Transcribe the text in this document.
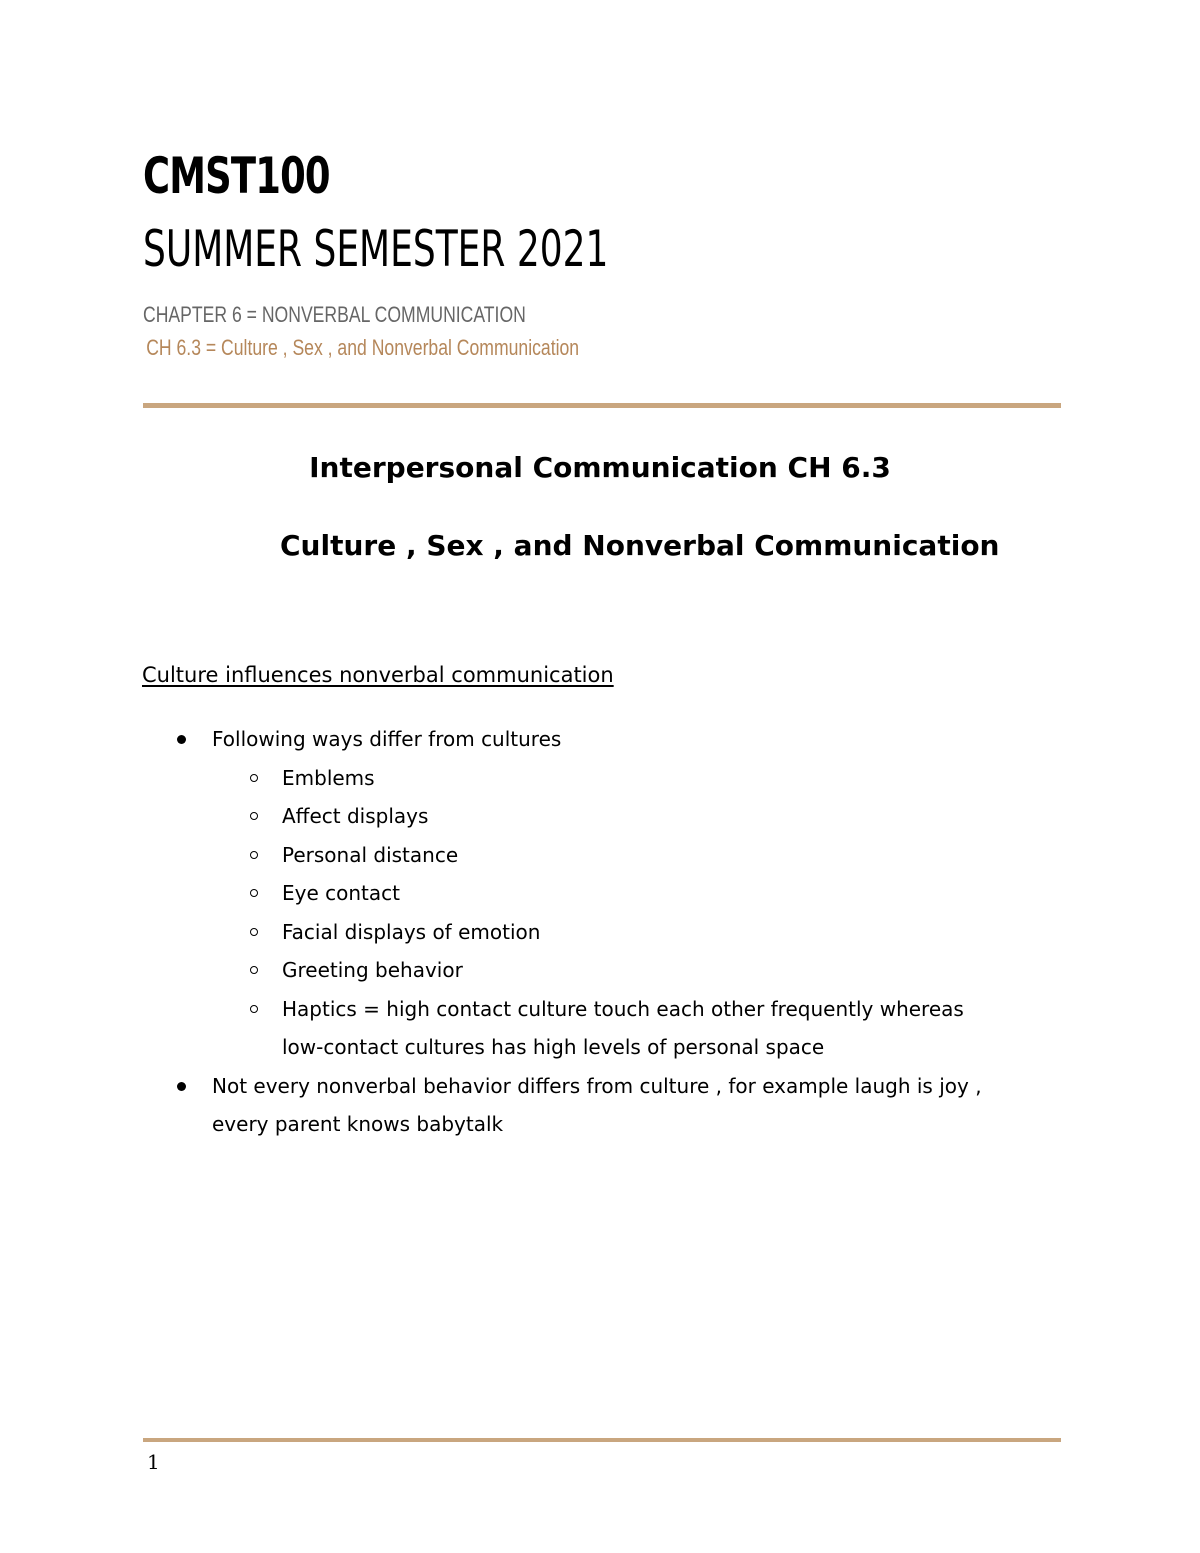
CMST100
SUMMER SEMESTER 2021
CHAPTER 6 = NONVERBAL COMMUNICATION
CH 6.3 = Culture , Sex , and Nonverbal Communication
Interpersonal Communication CH 6.3
Culture , Sex , and Nonverbal Communication
Culture influences nonverbal communication
Following ways differ from cultures
Emblems
Affect displays
Personal distance
Eye contact
Facial displays of emotion
Greeting behavior
Haptics = high contact culture touch each other frequently whereas low-contact cultures has high levels of personal space
Not every nonverbal behavior differs from culture , for example laugh is joy , every parent knows babytalk
1
